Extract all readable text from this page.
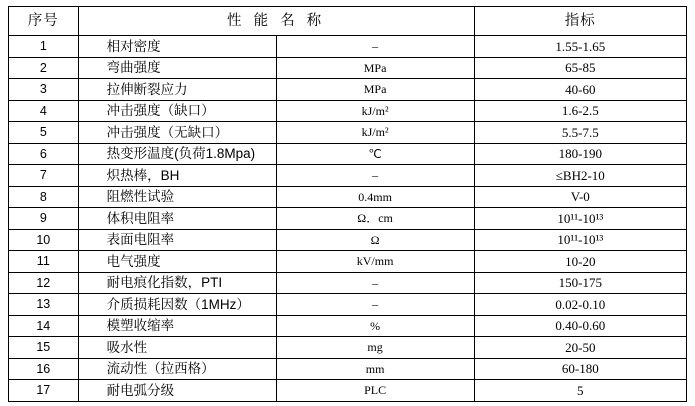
序号	性 能 名 称		指标
1	相对密度	–	1.55-1.65
2	弯曲强度	MPa	65-85
3	拉伸断裂应力	MPa	40-60
4	冲击强度（缺口）	kJ/m²	1.6-2.5
5	冲击强度（无缺口）	kJ/m²	5.5-7.5
6	热变形温度(负荷1.8Mpa)	℃	180-190
7	炽热棒，BH	–	≤BH2-10
8	阻燃性试验	0.4mm	V-0
9	体积电阻率	Ω．cm	10¹¹-10¹³
10	表面电阻率	Ω	10¹¹-10¹³
11	电气强度	kV/mm	10-20
12	耐电痕化指数，PTI	–	150-175
13	介质损耗因数（1MHz）	–	0.02-0.10
14	模塑收缩率	%	0.40-0.60
15	吸水性	mg	20-50
16	流动性（拉西格）	mm	60-180
17	耐电弧分级	PLC	5
